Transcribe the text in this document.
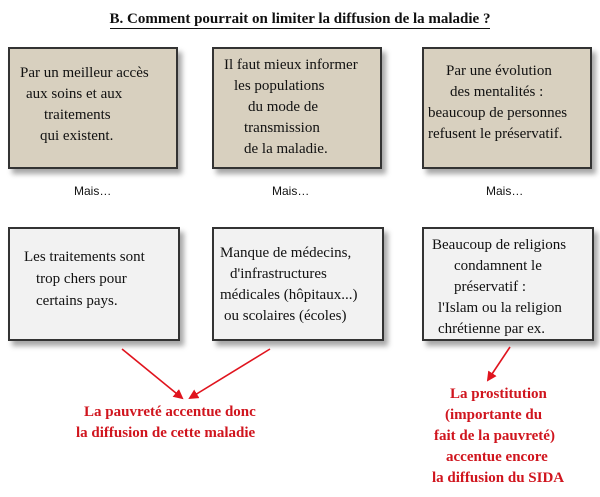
B. Comment pourrait on limiter la diffusion de la maladie ?
Par un meilleur accès
aux soins et aux
traitements
qui existent.
Il faut mieux informer
les populations
du mode de
transmission
de la maladie.
Par une évolution
des mentalités :
beaucoup de personnes
refusent le préservatif.
Mais…	Mais…	Mais…
Les traitements sont
trop chers pour
certains pays.
Manque de médecins,
d'infrastructures
médicales (hôpitaux...)
ou scolaires (écoles)
Beaucoup de religions
condamnent le
préservatif :
l'Islam ou la religion
chrétienne par ex.
La pauvreté accentue donc
la diffusion de cette maladie
La prostitution
(importante du
fait de la pauvreté)
accentue encore
la diffusion du SIDA
